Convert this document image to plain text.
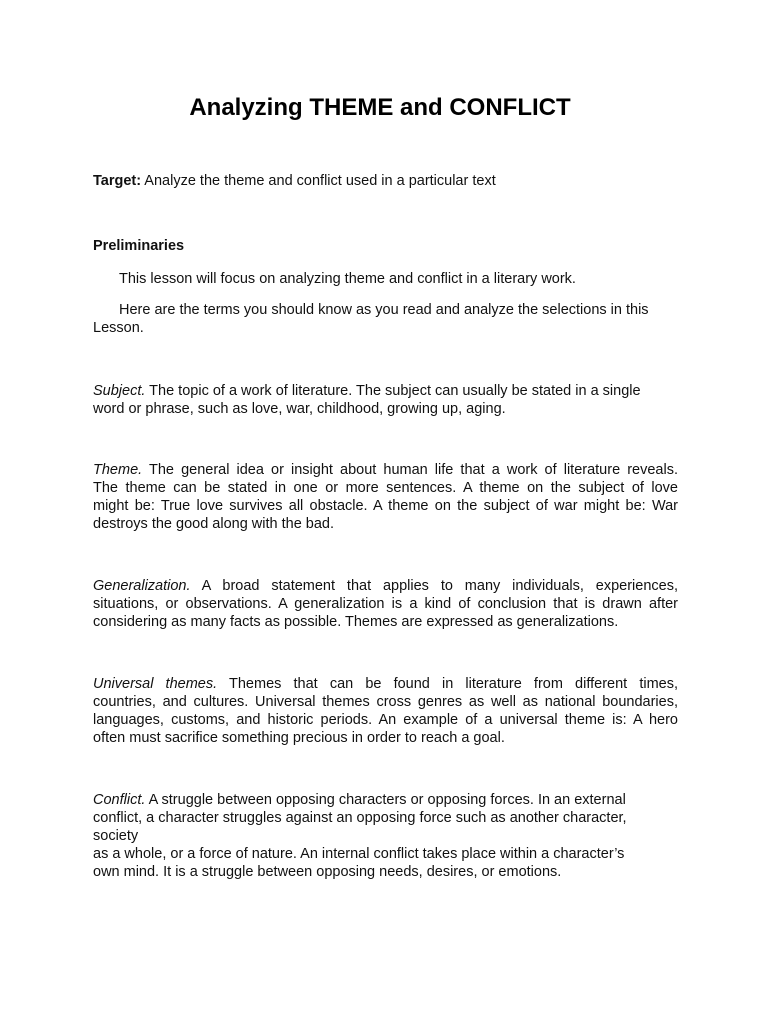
Analyzing THEME and CONFLICT
Target: Analyze the theme and conflict used in a particular text
Preliminaries
This lesson will focus on analyzing theme and conflict in a literary work.
Here are the terms you should know as you read and analyze the selections in this
Lesson.
Subject. The topic of a work of literature. The subject can usually be stated in a single
word or phrase, such as love, war, childhood, growing up, aging.
Theme. The general idea or insight about human life that a work of literature reveals.
The theme can be stated in one or more sentences. A theme on the subject of love
might be: True love survives all obstacle. A theme on the subject of war might be: War
destroys the good along with the bad.
Generalization. A broad statement that applies to many individuals, experiences,
situations, or observations. A generalization is a kind of conclusion that is drawn after
considering as many facts as possible. Themes are expressed as generalizations.
Universal themes. Themes that can be found in literature from different times,
countries, and cultures. Universal themes cross genres as well as national boundaries,
languages, customs, and historic periods. An example of a universal theme is: A hero
often must sacrifice something precious in order to reach a goal.
Conflict. A struggle between opposing characters or opposing forces. In an external
conflict, a character struggles against an opposing force such as another character,
society
as a whole, or a force of nature. An internal conflict takes place within a character’s
own mind. It is a struggle between opposing needs, desires, or emotions.
